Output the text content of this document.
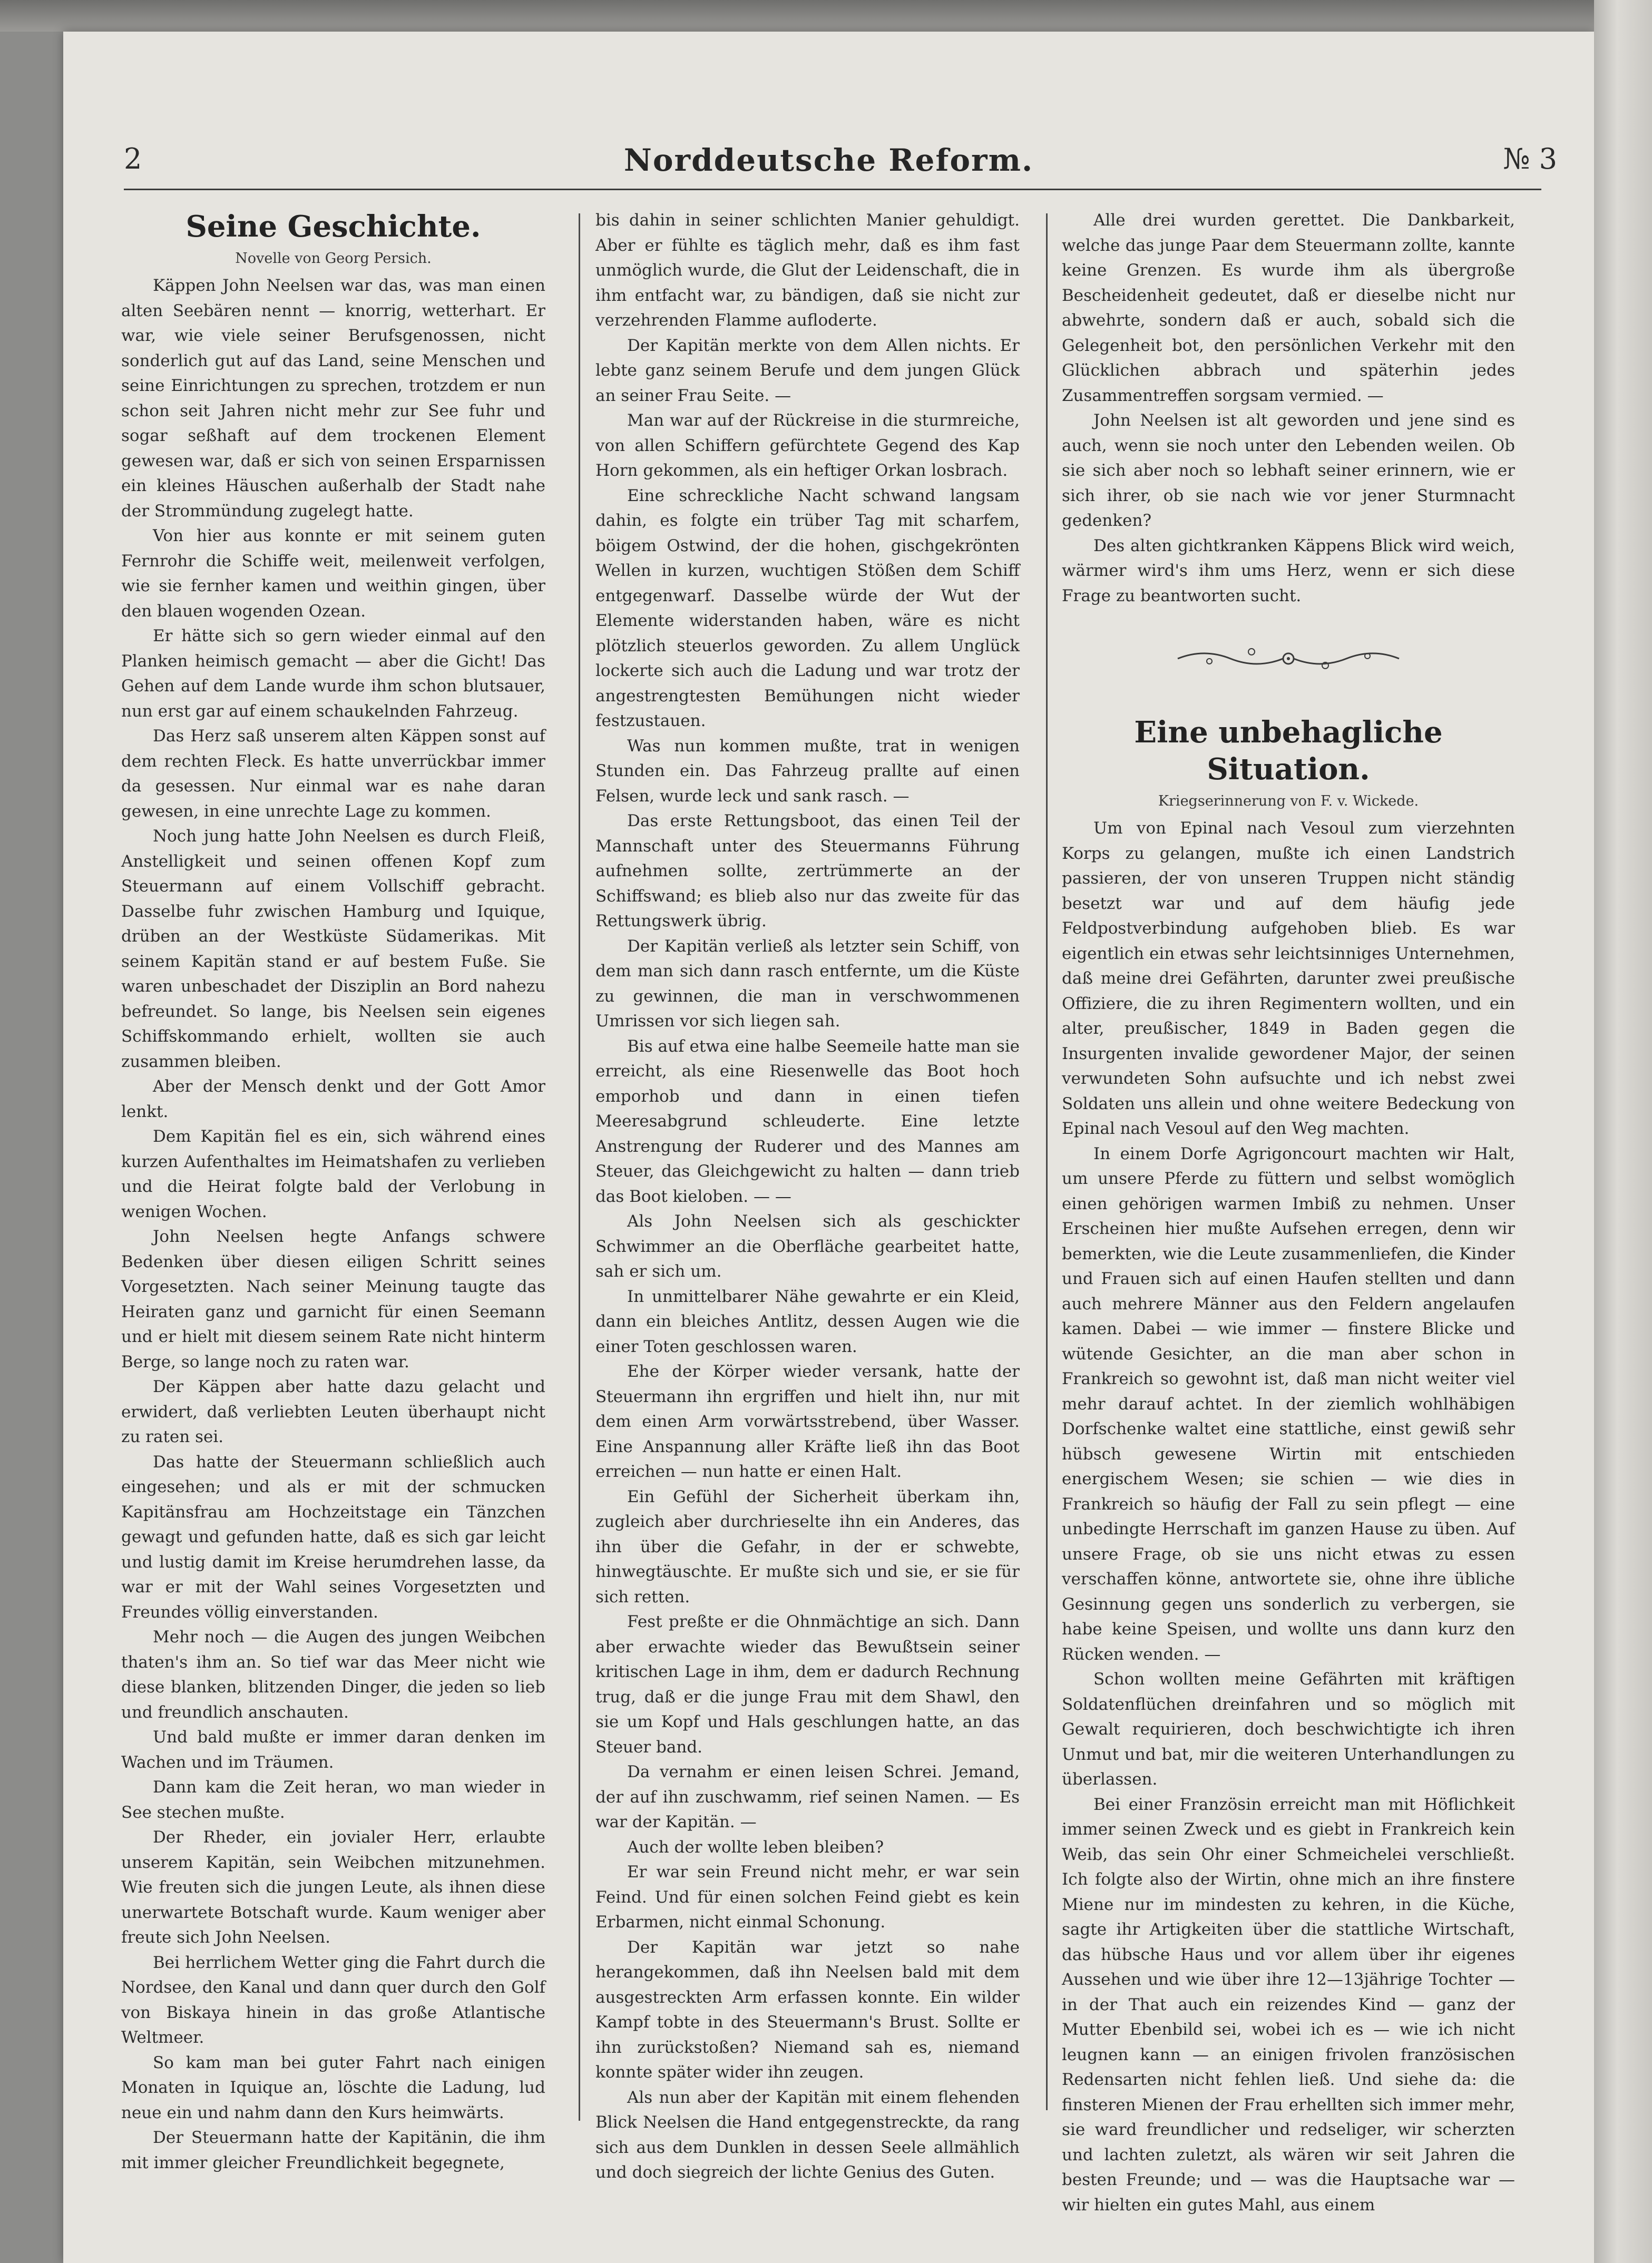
2	Norddeutsche Reform.	№ 3
Seine Geschichte.
Novelle von Georg Persich.

Käppen John Neelsen war das, was man einen alten Seebären nennt — knorrig, wetterhart. Er war, wie viele seiner Berufsgenossen, nicht sonderlich gut auf das Land, seine Menschen und seine Einrichtungen zu sprechen, trotzdem er nun schon seit Jahren nicht mehr zur See fuhr und sogar seßhaft auf dem trockenen Element gewesen war, daß er sich von seinen Ersparnissen ein kleines Häuschen außerhalb der Stadt nahe der Strommündung zugelegt hatte.

Von hier aus konnte er mit seinem guten Fernrohr die Schiffe weit, meilenweit verfolgen, wie sie fernher kamen und weithin gingen, über den blauen wogenden Ozean.

Er hätte sich so gern wieder einmal auf den Planken heimisch gemacht — aber die Gicht! Das Gehen auf dem Lande wurde ihm schon blutsauer, nun erst gar auf einem schaukelnden Fahrzeug.

Das Herz saß unserem alten Käppen sonst auf dem rechten Fleck. Es hatte unverrückbar immer da gesessen. Nur einmal war es nahe daran gewesen, in eine unrechte Lage zu kommen.

Noch jung hatte John Neelsen es durch Fleiß, Anstelligkeit und seinen offenen Kopf zum Steuermann auf einem Vollschiff gebracht. Dasselbe fuhr zwischen Hamburg und Iquique, drüben an der Westküste Südamerikas. Mit seinem Kapitän stand er auf bestem Fuße. Sie waren unbeschadet der Disziplin an Bord nahezu befreundet. So lange, bis Neelsen sein eigenes Schiffskommando erhielt, wollten sie auch zusammen bleiben.

Aber der Mensch denkt und der Gott Amor lenkt.

Dem Kapitän fiel es ein, sich während eines kurzen Aufenthaltes im Heimatshafen zu verlieben und die Heirat folgte bald der Verlobung in wenigen Wochen.

John Neelsen hegte Anfangs schwere Bedenken über diesen eiligen Schritt seines Vorgesetzten. Nach seiner Meinung taugte das Heiraten ganz und garnicht für einen Seemann und er hielt mit diesem seinem Rate nicht hinterm Berge, so lange noch zu raten war.

Der Käppen aber hatte dazu gelacht und erwidert, daß verliebten Leuten überhaupt nicht zu raten sei.

Das hatte der Steuermann schließlich auch eingesehen; und als er mit der schmucken Kapitänsfrau am Hochzeitstage ein Tänzchen gewagt und gefunden hatte, daß es sich gar leicht und lustig damit im Kreise herumdrehen lasse, da war er mit der Wahl seines Vorgesetzten und Freundes völlig einverstanden.

Mehr noch — die Augen des jungen Weibchen thaten's ihm an. So tief war das Meer nicht wie diese blanken, blitzenden Dinger, die jeden so lieb und freundlich anschauten.

Und bald mußte er immer daran denken im Wachen und im Träumen.

Dann kam die Zeit heran, wo man wieder in See stechen mußte.

Der Rheder, ein jovialer Herr, erlaubte unserem Kapitän, sein Weibchen mitzunehmen. Wie freuten sich die jungen Leute, als ihnen diese unerwartete Botschaft wurde. Kaum weniger aber freute sich John Neelsen.

Bei herrlichem Wetter ging die Fahrt durch die Nordsee, den Kanal und dann quer durch den Golf von Biskaya hinein in das große Atlantische Weltmeer.

So kam man bei guter Fahrt nach einigen Monaten in Iquique an, löschte die Ladung, lud neue ein und nahm dann den Kurs heimwärts.

Der Steuermann hatte der Kapitänin, die ihm mit immer gleicher Freundlichkeit begegnete,

bis dahin in seiner schlichten Manier gehuldigt. Aber er fühlte es täglich mehr, daß es ihm fast unmöglich wurde, die Glut der Leidenschaft, die in ihm entfacht war, zu bändigen, daß sie nicht zur verzehrenden Flamme aufloderte.

Der Kapitän merkte von dem Allen nichts. Er lebte ganz seinem Berufe und dem jungen Glück an seiner Frau Seite. —

Man war auf der Rückreise in die sturmreiche, von allen Schiffern gefürchtete Gegend des Kap Horn gekommen, als ein heftiger Orkan losbrach.

Eine schreckliche Nacht schwand langsam dahin, es folgte ein trüber Tag mit scharfem, böigem Ostwind, der die hohen, gischgekrönten Wellen in kurzen, wuchtigen Stößen dem Schiff entgegenwarf. Dasselbe würde der Wut der Elemente widerstanden haben, wäre es nicht plötzlich steuerlos geworden. Zu allem Unglück lockerte sich auch die Ladung und war trotz der angestrengtesten Bemühungen nicht wieder festzustauen.

Was nun kommen mußte, trat in wenigen Stunden ein. Das Fahrzeug prallte auf einen Felsen, wurde leck und sank rasch. —

Das erste Rettungsboot, das einen Teil der Mannschaft unter des Steuermanns Führung aufnehmen sollte, zertrümmerte an der Schiffswand; es blieb also nur das zweite für das Rettungswerk übrig.

Der Kapitän verließ als letzter sein Schiff, von dem man sich dann rasch entfernte, um die Küste zu gewinnen, die man in verschwommenen Umrissen vor sich liegen sah.

Bis auf etwa eine halbe Seemeile hatte man sie erreicht, als eine Riesenwelle das Boot hoch emporhob und dann in einen tiefen Meeresabgrund schleuderte. Eine letzte Anstrengung der Ruderer und des Mannes am Steuer, das Gleichgewicht zu halten — dann trieb das Boot kieloben. — —

Als John Neelsen sich als geschickter Schwimmer an die Oberfläche gearbeitet hatte, sah er sich um.

In unmittelbarer Nähe gewahrte er ein Kleid, dann ein bleiches Antlitz, dessen Augen wie die einer Toten geschlossen waren.

Ehe der Körper wieder versank, hatte der Steuermann ihn ergriffen und hielt ihn, nur mit dem einen Arm vorwärtsstrebend, über Wasser. Eine Anspannung aller Kräfte ließ ihn das Boot erreichen — nun hatte er einen Halt.

Ein Gefühl der Sicherheit überkam ihn, zugleich aber durchrieselte ihn ein Anderes, das ihn über die Gefahr, in der er schwebte, hinwegtäuschte. Er mußte sich und sie, er sie für sich retten.

Fest preßte er die Ohnmächtige an sich. Dann aber erwachte wieder das Bewußtsein seiner kritischen Lage in ihm, dem er dadurch Rechnung trug, daß er die junge Frau mit dem Shawl, den sie um Kopf und Hals geschlungen hatte, an das Steuer band.

Da vernahm er einen leisen Schrei. Jemand, der auf ihn zuschwamm, rief seinen Namen. — Es war der Kapitän. —

Auch der wollte leben bleiben?

Er war sein Freund nicht mehr, er war sein Feind. Und für einen solchen Feind giebt es kein Erbarmen, nicht einmal Schonung.

Der Kapitän war jetzt so nahe herangekommen, daß ihn Neelsen bald mit dem ausgestreckten Arm erfassen konnte. Ein wilder Kampf tobte in des Steuermann's Brust. Sollte er ihn zurückstoßen? Niemand sah es, niemand konnte später wider ihn zeugen.

Als nun aber der Kapitän mit einem flehenden Blick Neelsen die Hand entgegenstreckte, da rang sich aus dem Dunklen in dessen Seele allmählich und doch siegreich der lichte Genius des Guten.

Alle drei wurden gerettet. Die Dankbarkeit, welche das junge Paar dem Steuermann zollte, kannte keine Grenzen. Es wurde ihm als übergroße Bescheidenheit gedeutet, daß er dieselbe nicht nur abwehrte, sondern daß er auch, sobald sich die Gelegenheit bot, den persönlichen Verkehr mit den Glücklichen abbrach und späterhin jedes Zusammentreffen sorgsam vermied. —

John Neelsen ist alt geworden und jene sind es auch, wenn sie noch unter den Lebenden weilen. Ob sie sich aber noch so lebhaft seiner erinnern, wie er sich ihrer, ob sie nach wie vor jener Sturmnacht gedenken?

Des alten gichtkranken Käppens Blick wird weich, wärmer wird's ihm ums Herz, wenn er sich diese Frage zu beantworten sucht.

Eine unbehagliche Situation.
Kriegserinnerung von F. v. Wickede.

Um von Epinal nach Vesoul zum vierzehnten Korps zu gelangen, mußte ich einen Landstrich passieren, der von unseren Truppen nicht ständig besetzt war und auf dem häufig jede Feldpostverbindung aufgehoben blieb. Es war eigentlich ein etwas sehr leichtsinniges Unternehmen, daß meine drei Gefährten, darunter zwei preußische Offiziere, die zu ihren Regimentern wollten, und ein alter, preußischer, 1849 in Baden gegen die Insurgenten invalide gewordener Major, der seinen verwundeten Sohn aufsuchte und ich nebst zwei Soldaten uns allein und ohne weitere Bedeckung von Epinal nach Vesoul auf den Weg machten.

In einem Dorfe Agrigoncourt machten wir Halt, um unsere Pferde zu füttern und selbst womöglich einen gehörigen warmen Imbiß zu nehmen. Unser Erscheinen hier mußte Aufsehen erregen, denn wir bemerkten, wie die Leute zusammenliefen, die Kinder und Frauen sich auf einen Haufen stellten und dann auch mehrere Männer aus den Feldern angelaufen kamen. Dabei — wie immer — finstere Blicke und wütende Gesichter, an die man aber schon in Frankreich so gewohnt ist, daß man nicht weiter viel mehr darauf achtet. In der ziemlich wohlhäbigen Dorfschenke waltet eine stattliche, einst gewiß sehr hübsch gewesene Wirtin mit entschieden energischem Wesen; sie schien — wie dies in Frankreich so häufig der Fall zu sein pflegt — eine unbedingte Herrschaft im ganzen Hause zu üben. Auf unsere Frage, ob sie uns nicht etwas zu essen verschaffen könne, antwortete sie, ohne ihre übliche Gesinnung gegen uns sonderlich zu verbergen, sie habe keine Speisen, und wollte uns dann kurz den Rücken wenden. —

Schon wollten meine Gefährten mit kräftigen Soldatenflüchen dreinfahren und so möglich mit Gewalt requirieren, doch beschwichtigte ich ihren Unmut und bat, mir die weiteren Unterhandlungen zu überlassen.

Bei einer Französin erreicht man mit Höflichkeit immer seinen Zweck und es giebt in Frankreich kein Weib, das sein Ohr einer Schmeichelei verschließt. Ich folgte also der Wirtin, ohne mich an ihre finstere Miene nur im mindesten zu kehren, in die Küche, sagte ihr Artigkeiten über die stattliche Wirtschaft, das hübsche Haus und vor allem über ihr eigenes Aussehen und wie über ihre 12—13jährige Tochter — in der That auch ein reizendes Kind — ganz der Mutter Ebenbild sei, wobei ich es — wie ich nicht leugnen kann — an einigen frivolen französischen Redensarten nicht fehlen ließ. Und siehe da: die finsteren Mienen der Frau erhellten sich immer mehr, sie ward freundlicher und redseliger, wir scherzten und lachten zuletzt, als wären wir seit Jahren die besten Freunde; und — was die Hauptsache war — wir hielten ein gutes Mahl, aus einem
